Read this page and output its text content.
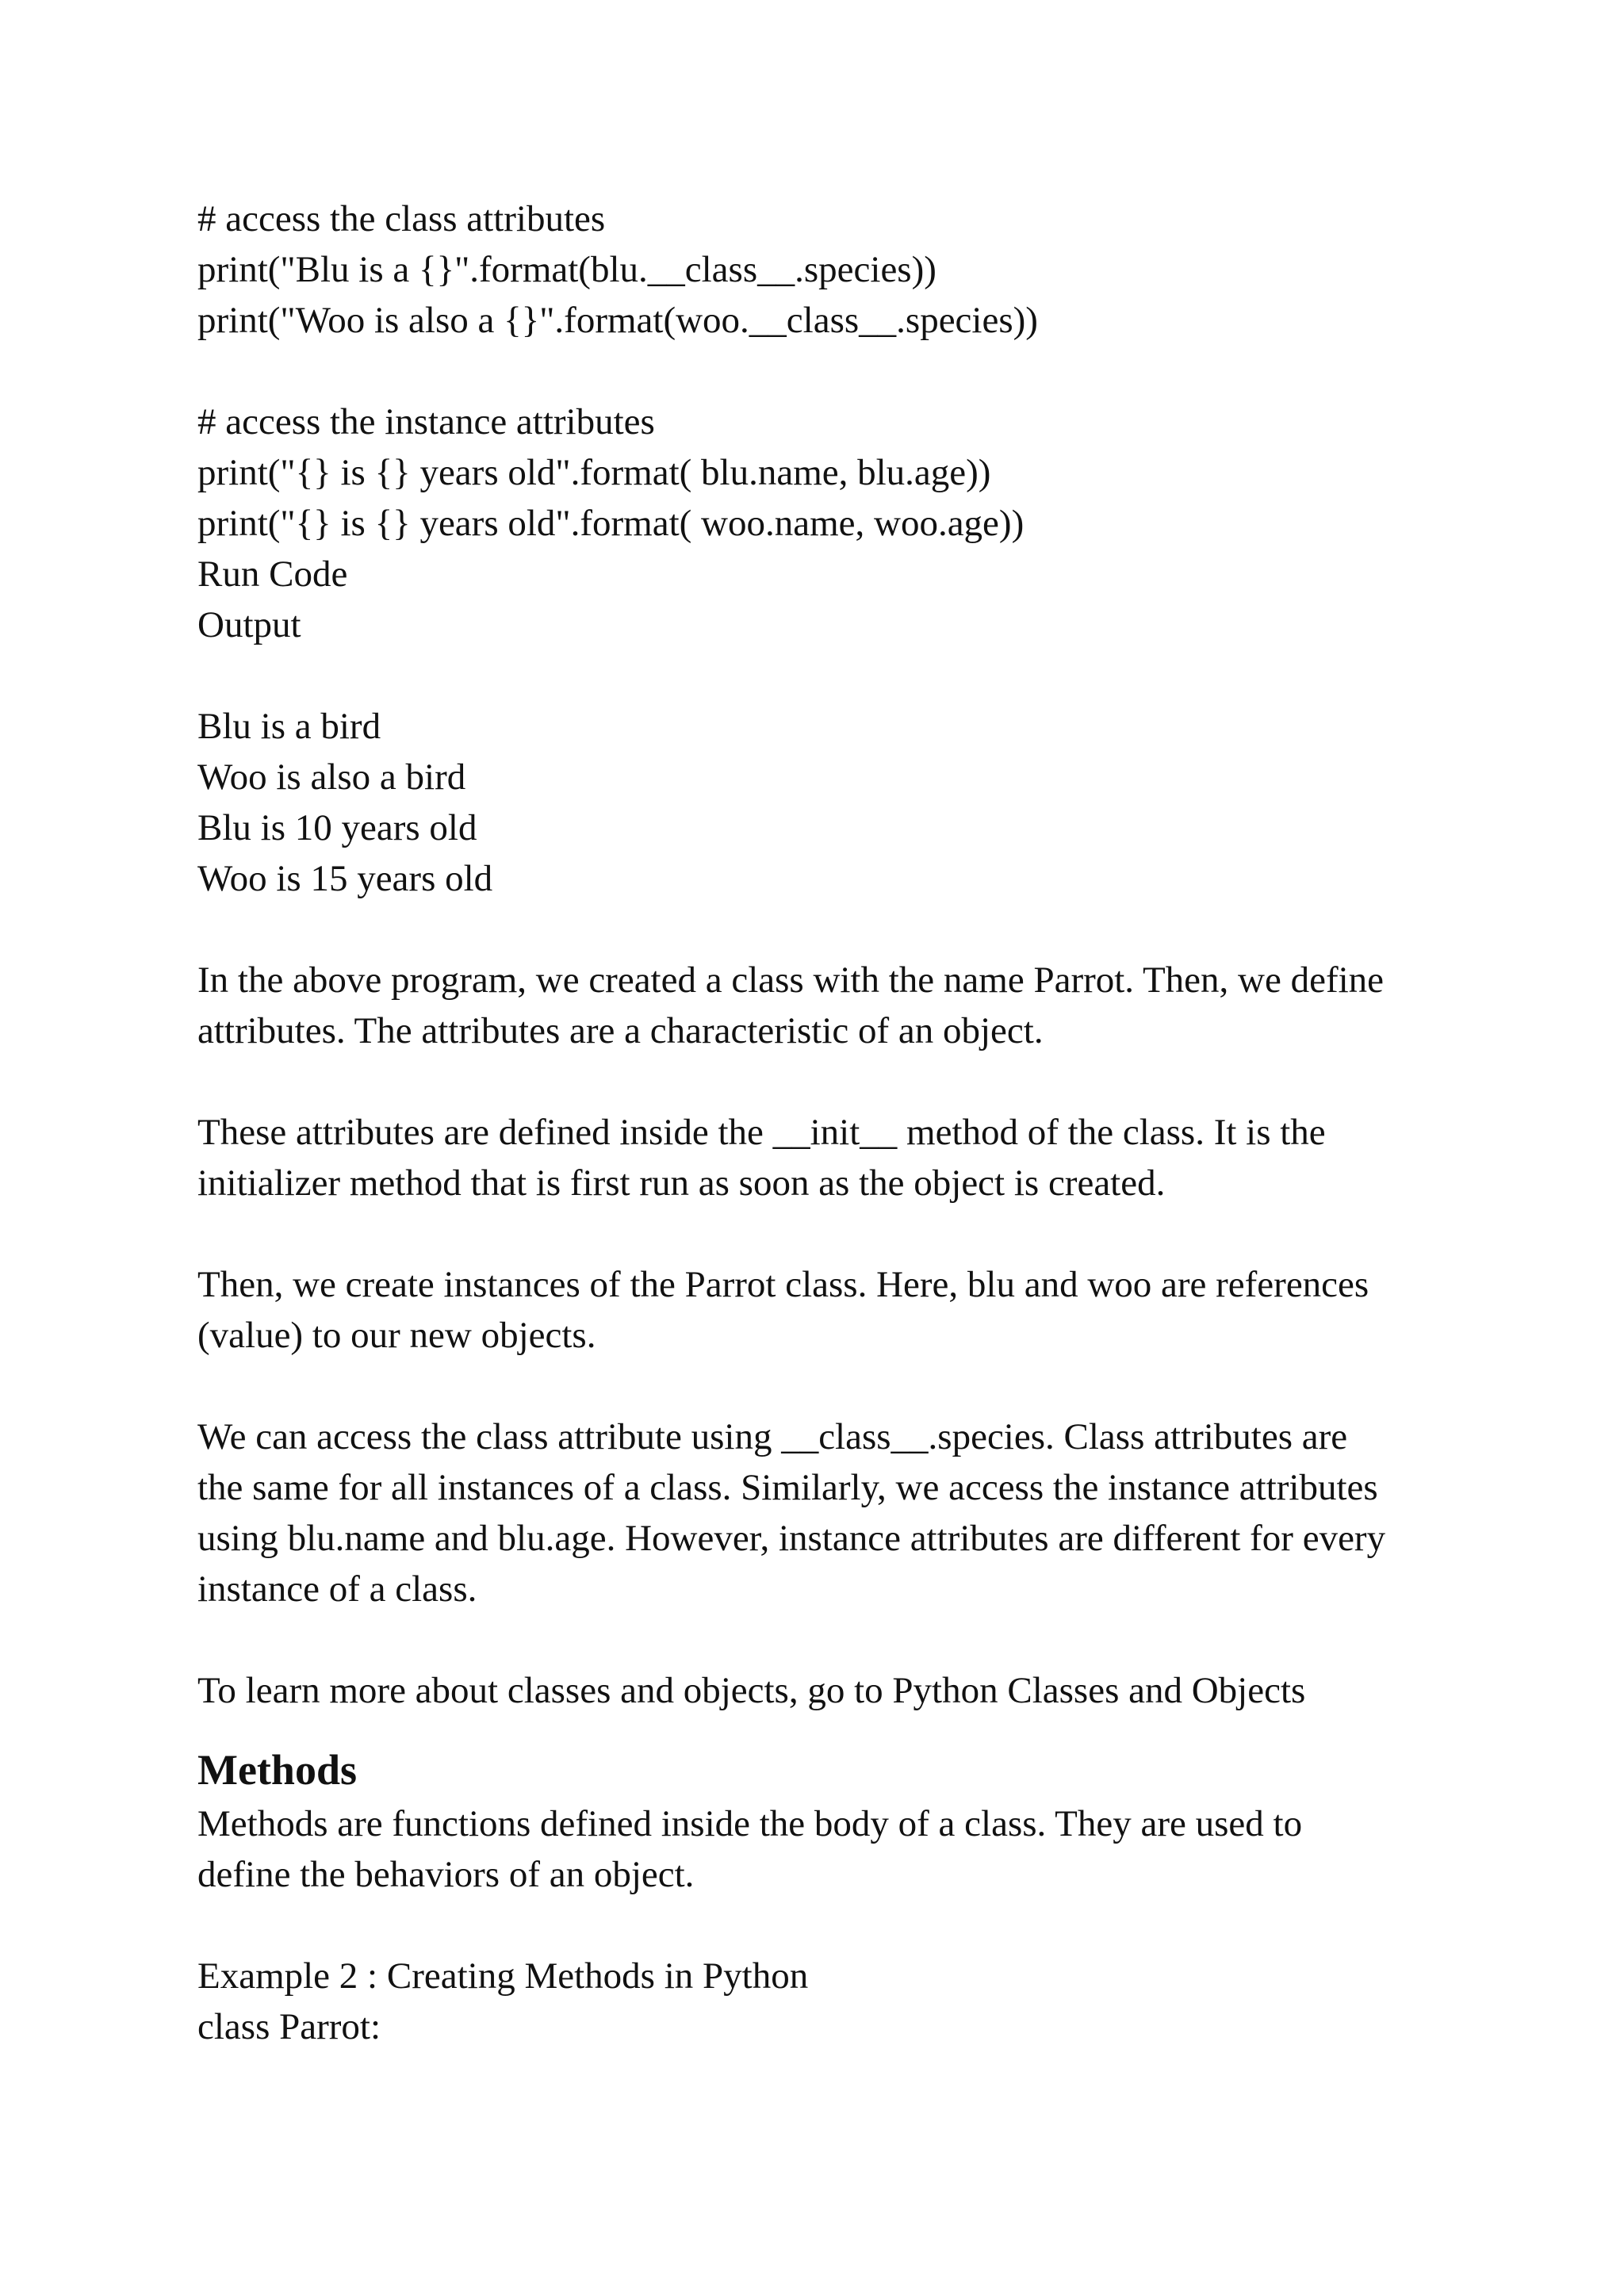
# access the class attributes
print("Blu is a {}".format(blu.__class__.species))
print("Woo is also a {}".format(woo.__class__.species))
# access the instance attributes
print("{} is {} years old".format( blu.name, blu.age))
print("{} is {} years old".format( woo.name, woo.age))
Run Code
Output
Blu is a bird
Woo is also a bird
Blu is 10 years old
Woo is 15 years old
In the above program, we created a class with the name Parrot. Then, we define
attributes. The attributes are a characteristic of an object.
These attributes are defined inside the __init__ method of the class. It is the
initializer method that is first run as soon as the object is created.
Then, we create instances of the Parrot class. Here, blu and woo are references
(value) to our new objects.
We can access the class attribute using __class__.species. Class attributes are
the same for all instances of a class. Similarly, we access the instance attributes
using blu.name and blu.age. However, instance attributes are different for every
instance of a class.
To learn more about classes and objects, go to Python Classes and Objects
Methods
Methods are functions defined inside the body of a class. They are used to
define the behaviors of an object.
Example 2 : Creating Methods in Python
class Parrot:
